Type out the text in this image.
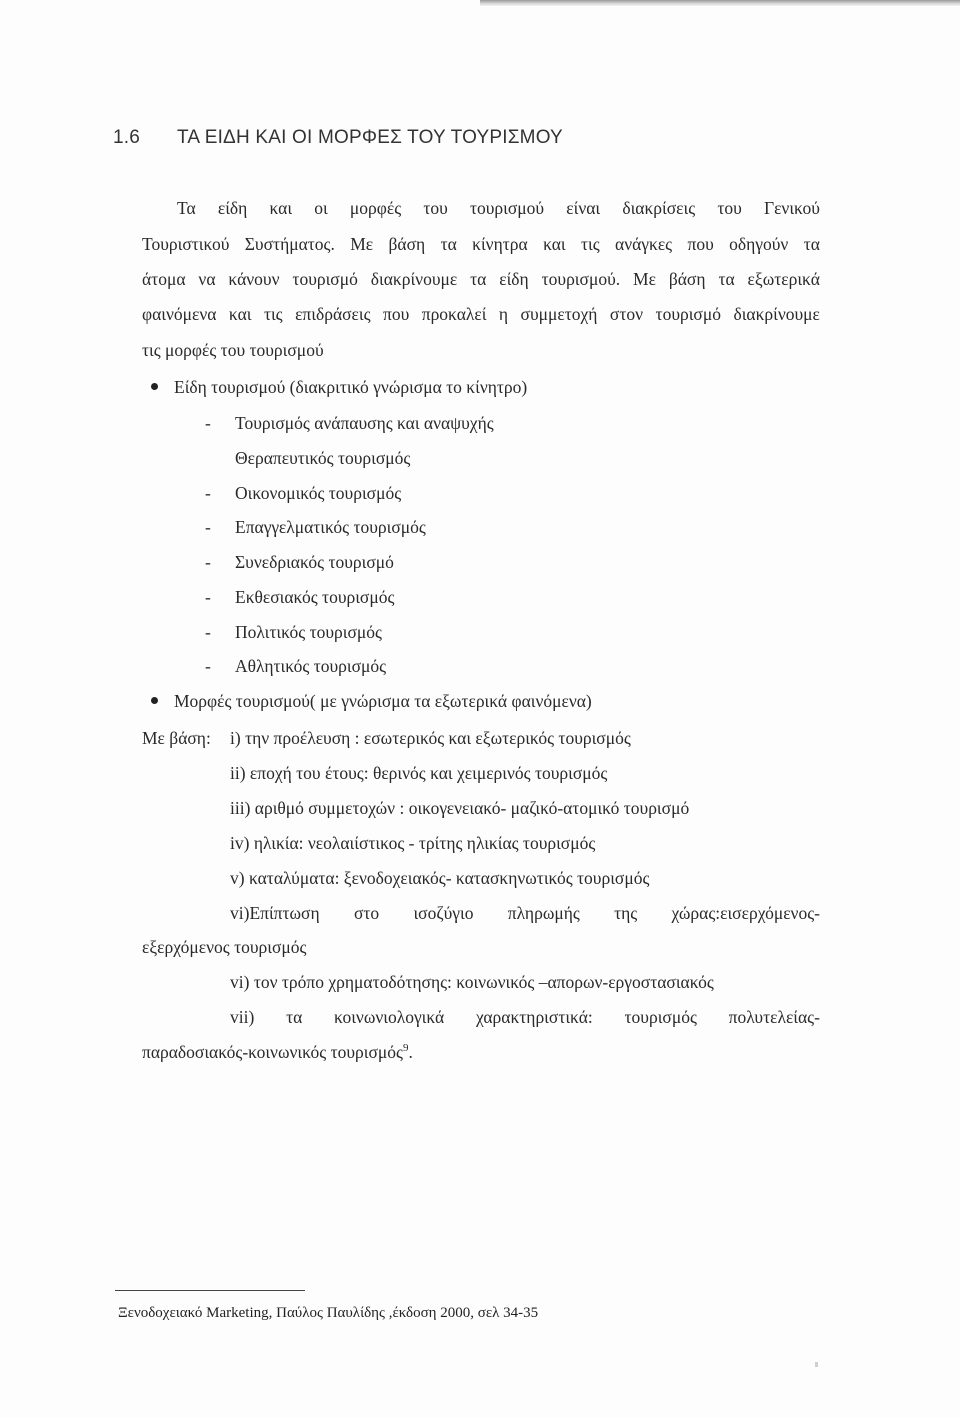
1.6 ΤΑ ΕΙΔΗ ΚΑΙ ΟΙ ΜΟΡΦΕΣ ΤΟΥ ΤΟΥΡΙΣΜΟΥ
Τα είδη και οι μορφές του τουρισμού είναι διακρίσεις του Γενικού
Τουριστικού Συστήματος. Με βάση τα κίνητρα και τις ανάγκες που οδηγούν τα
άτομα να κάνουν τουρισμό διακρίνουμε τα είδη τουρισμού. Με βάση τα εξωτερικά
φαινόμενα και τις επιδράσεις που προκαλεί η συμμετοχή στον τουρισμό διακρίνουμε
τις μορφές του τουρισμού
Είδη τουρισμού (διακριτικό γνώρισμα το κίνητρο)
- Τουρισμός ανάπαυσης και αναψυχής
Θεραπευτικός τουρισμός
- Οικονομικός τουρισμός
- Επαγγελματικός τουρισμός
- Συνεδριακός τουρισμό
- Εκθεσιακός τουρισμός
- Πολιτικός τουρισμός
- Αθλητικός τουρισμός
Μορφές τουρισμού( με γνώρισμα τα εξωτερικά φαινόμενα)
Με βάση: i) την προέλευση : εσωτερικός και εξωτερικός τουρισμός
ii) εποχή του έτους: θερινός και χειμερινός τουρισμός
iii) αριθμό συμμετοχών : οικογενειακό- μαζικό-ατομικό τουρισμό
iv) ηλικία: νεολαιίστικος - τρίτης ηλικίας τουρισμός
v) καταλύματα: ξενοδοχειακός- κατασκηνωτικός τουρισμός
vi)Επίπτωση στο ισοζύγιο πληρωμής της χώρας:εισερχόμενος-
εξερχόμενος τουρισμός
vi) τον τρόπο χρηματοδότησης: κοινωνικός –απορων-εργοστασιακός
vii) τα κοινωνιολογικά χαρακτηριστικά: τουρισμός πολυτελείας-
παραδοσιακός-κοινωνικός τουρισμός$^9$.
Ξενοδοχειακό Marketing, Παύλος Παυλίδης ,έκδοση 2000, σελ 34-35
